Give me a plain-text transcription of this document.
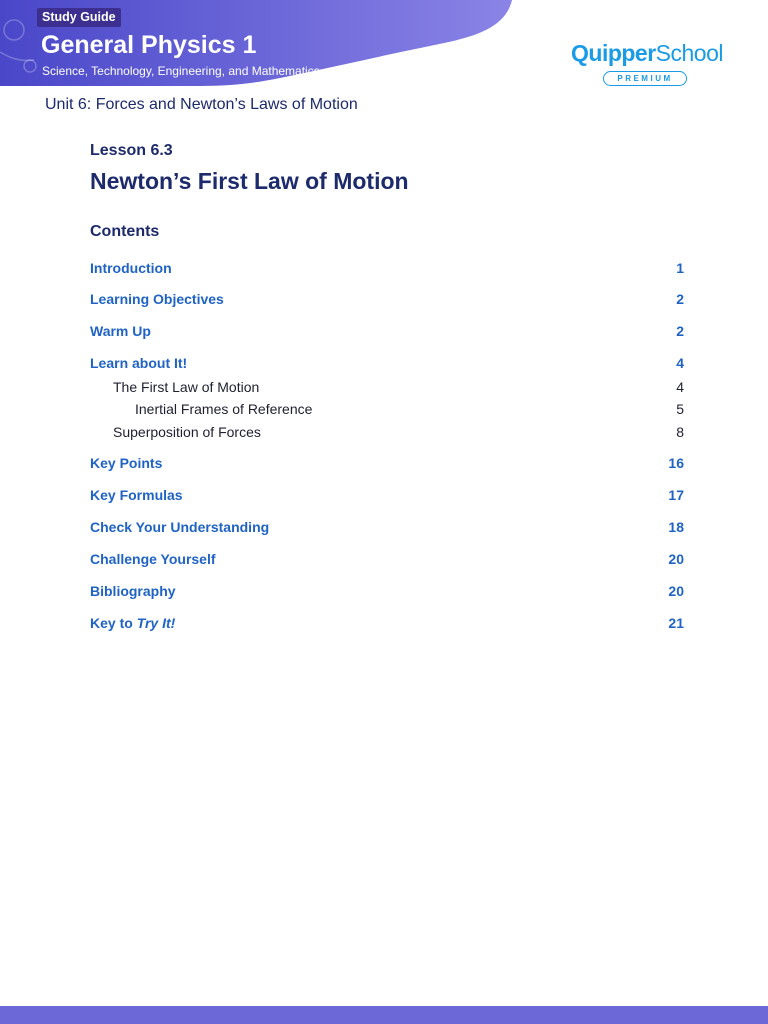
Study Guide
General Physics 1
Science, Technology, Engineering, and Mathematics
QuipperSchool
PREMIUM
Unit 6: Forces and Newton’s Laws of Motion
Lesson 6.3
Newton’s First Law of Motion
Contents
Introduction	1
Learning Objectives	2
Warm Up	2
Learn about It!	4
The First Law of Motion	4
Inertial Frames of Reference	5
Superposition of Forces	8
Key Points	16
Key Formulas	17
Check Your Understanding	18
Challenge Yourself	20
Bibliography	20
Key to Try It!	21
